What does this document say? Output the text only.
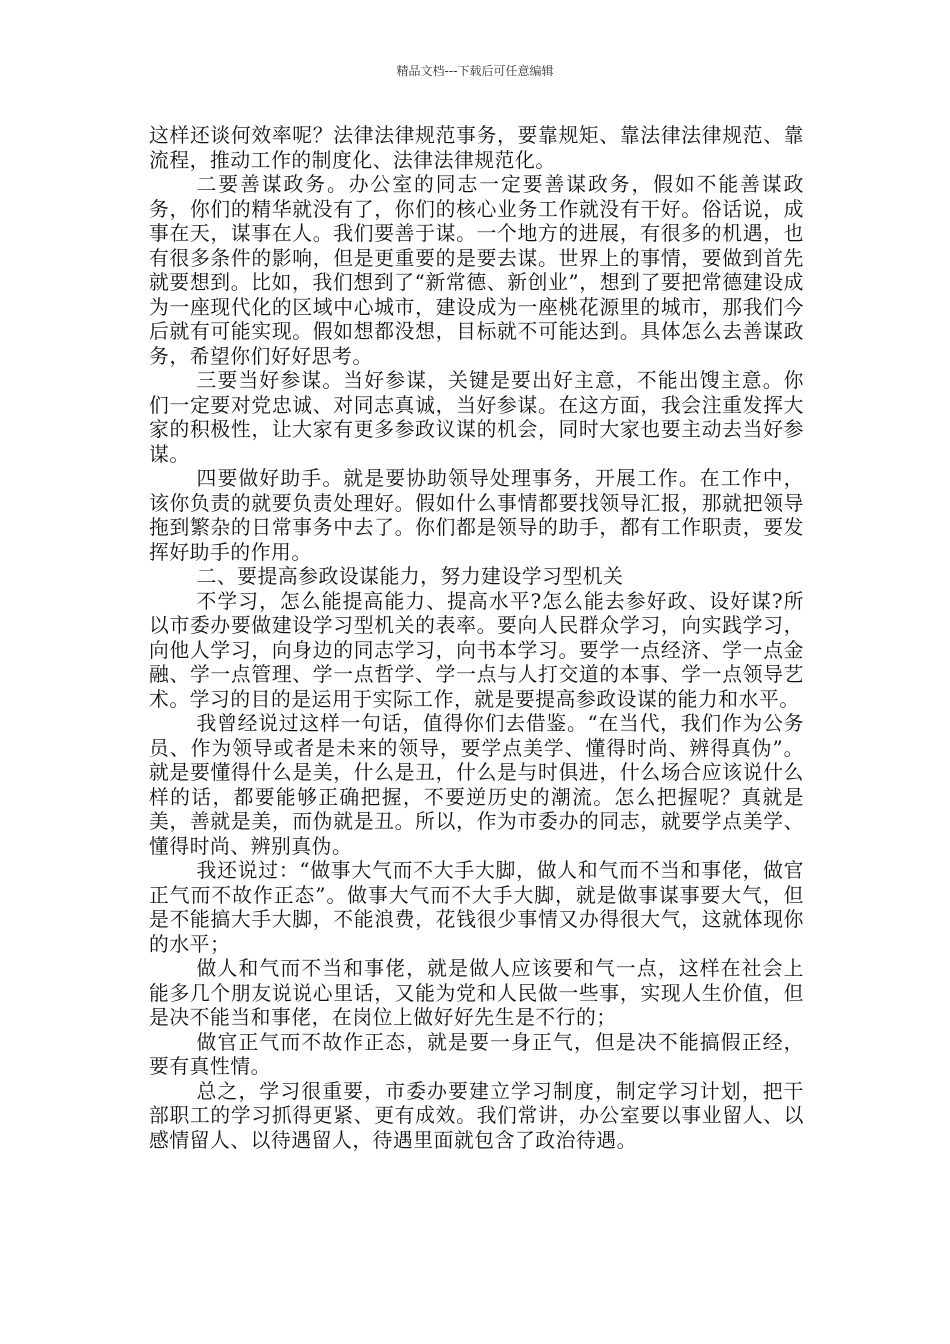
精品文档---下载后可任意编辑

这样还谈何效率呢？法律法律规范事务，要靠规矩、靠法律法律规范、靠流程，推动工作的制度化、法律法律规范化。

二要善谋政务。办公室的同志一定要善谋政务，假如不能善谋政务，你们的精华就没有了，你们的核心业务工作就没有干好。俗话说，成事在天，谋事在人。我们要善于谋。一个地方的进展，有很多的机遇，也有很多条件的影响，但是更重要的是要去谋。世界上的事情，要做到首先就要想到。比如，我们想到了“新常德、新创业”，想到了要把常德建设成为一座现代化的区域中心城市，建设成为一座桃花源里的城市，那我们今后就有可能实现。假如想都没想，目标就不可能达到。具体怎么去善谋政务，希望你们好好思考。

三要当好参谋。当好参谋，关键是要出好主意，不能出馊主意。你们一定要对党忠诚、对同志真诚，当好参谋。在这方面，我会注重发挥大家的积极性，让大家有更多参政议谋的机会，同时大家也要主动去当好参谋。

四要做好助手。就是要协助领导处理事务，开展工作。在工作中，该你负责的就要负责处理好。假如什么事情都要找领导汇报，那就把领导拖到繁杂的日常事务中去了。你们都是领导的助手，都有工作职责，要发挥好助手的作用。

二、要提高参政设谋能力，努力建设学习型机关

不学习，怎么能提高能力、提高水平?怎么能去参好政、设好谋?所以市委办要做建设学习型机关的表率。要向人民群众学习，向实践学习，向他人学习，向身边的同志学习，向书本学习。要学一点经济、学一点金融、学一点管理、学一点哲学、学一点与人打交道的本事、学一点领导艺术。学习的目的是运用于实际工作，就是要提高参政设谋的能力和水平。

我曾经说过这样一句话，值得你们去借鉴。“在当代，我们作为公务员、作为领导或者是未来的领导，要学点美学、懂得时尚、辨得真伪”。就是要懂得什么是美，什么是丑，什么是与时俱进，什么场合应该说什么样的话，都要能够正确把握，不要逆历史的潮流。怎么把握呢？真就是美，善就是美，而伪就是丑。所以，作为市委办的同志，就要学点美学、懂得时尚、辨别真伪。

我还说过：“做事大气而不大手大脚，做人和气而不当和事佬，做官正气而不故作正态”。做事大气而不大手大脚，就是做事谋事要大气，但是不能搞大手大脚，不能浪费，花钱很少事情又办得很大气，这就体现你的水平；

做人和气而不当和事佬，就是做人应该要和气一点，这样在社会上能多几个朋友说说心里话，又能为党和人民做一些事，实现人生价值，但是决不能当和事佬，在岗位上做好好先生是不行的；

做官正气而不故作正态，就是要一身正气，但是决不能搞假正经，要有真性情。

总之，学习很重要，市委办要建立学习制度，制定学习计划，把干部职工的学习抓得更紧、更有成效。我们常讲，办公室要以事业留人、以感情留人、以待遇留人，待遇里面就包含了政治待遇。
